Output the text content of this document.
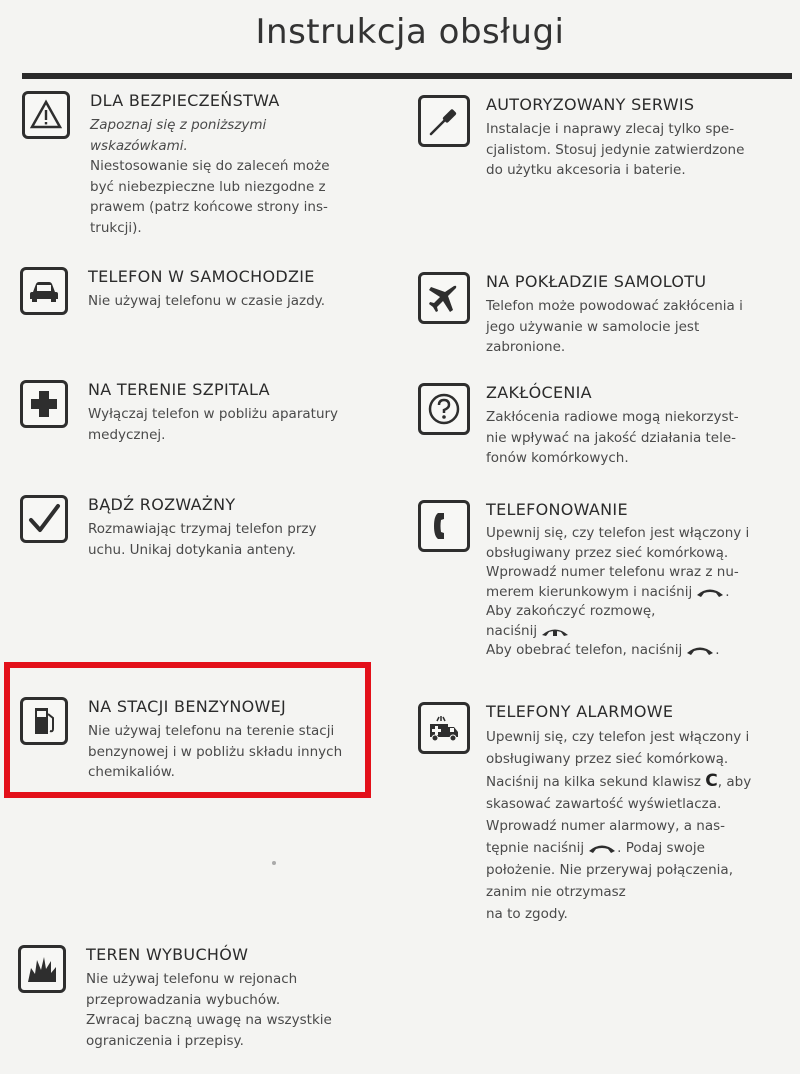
Instrukcja obsługi
DLA BEZPIECZEŃSTWA
Zapoznaj się z poniższymi
wskazówkami.
Niestosowanie się do zaleceń może
być niebezpieczne lub niezgodne z
prawem (patrz końcowe strony ins-
trukcji).
TELEFON W SAMOCHODZIE
Nie używaj telefonu w czasie jazdy.
NA TERENIE SZPITALA
Wyłączaj telefon w pobliżu aparatury
medycznej.
BĄDŹ ROZWAŻNY
Rozmawiając trzymaj telefon przy
uchu. Unikaj dotykania anteny.
NA STACJI BENZYNOWEJ
Nie używaj telefonu na terenie stacji
benzynowej i w pobliżu składu innych
chemikaliów.
TEREN WYBUCHÓW
Nie używaj telefonu w rejonach
przeprowadzania wybuchów.
Zwracaj baczną uwagę na wszystkie
ograniczenia i przepisy.
AUTORYZOWANY SERWIS
Instalacje i naprawy zlecaj tylko spe-
cjalistom. Stosuj jedynie zatwierdzone
do użytku akcesoria i baterie.
NA POKŁADZIE SAMOLOTU
Telefon może powodować zakłócenia i
jego używanie w samolocie jest
zabronione.
ZAKŁÓCENIA
Zakłócenia radiowe mogą niekorzyst-
nie wpływać na jakość działania tele-
fonów komórkowych.
TELEFONOWANIE
Upewnij się, czy telefon jest włączony i
obsługiwany przez sieć komórkową.
Wprowadź numer telefonu wraz z nu-
merem kierunkowym i naciśnij .
Aby zakończyć rozmowę,
naciśnij
Aby obebrać telefon, naciśnij .
TELEFONY ALARMOWE
Upewnij się, czy telefon jest włączony i
obsługiwany przez sieć komórkową.
Naciśnij na kilka sekund klawisz C, aby
skasować zawartość wyświetlacza.
Wprowadź numer alarmowy, a nas-
tępnie naciśnij . Podaj swoje
położenie. Nie przerywaj połączenia,
zanim nie otrzymasz
na to zgody.
